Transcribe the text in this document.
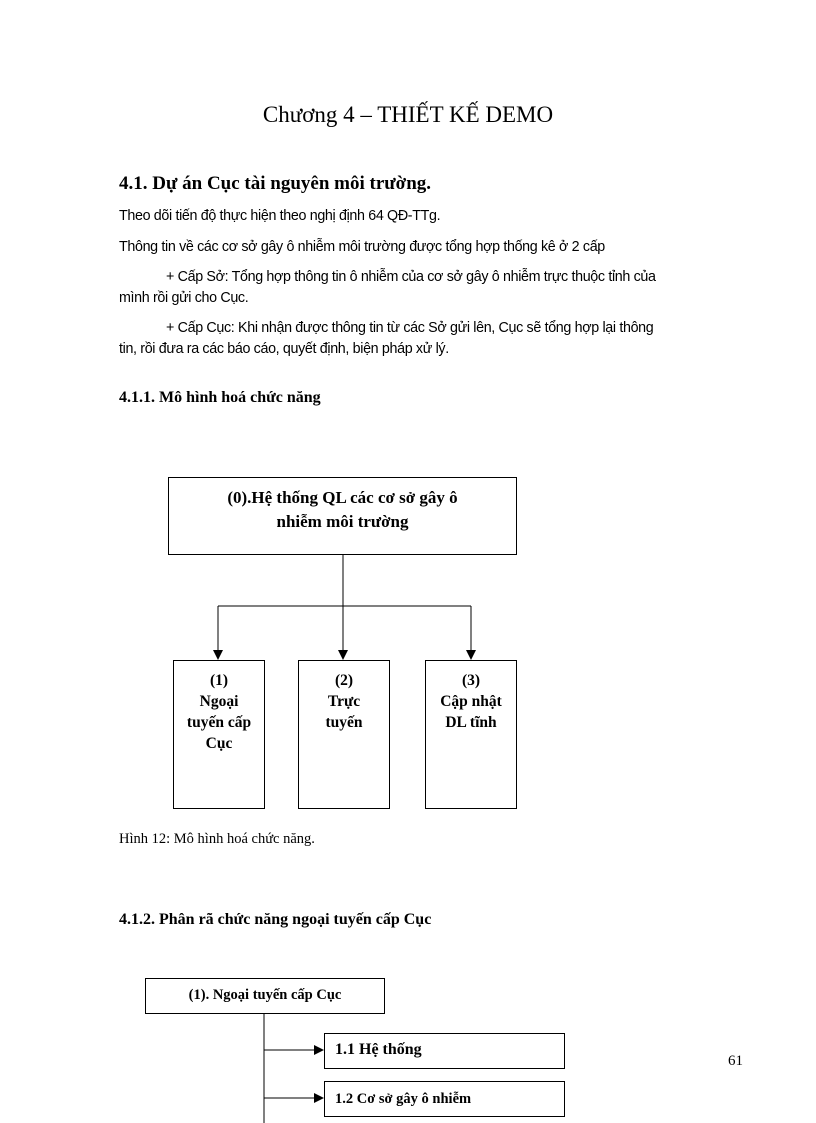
Chương 4 – THIẾT KẾ DEMO
4.1. Dự án Cục tài nguyên môi trường.
Theo dõi tiến độ thực hiện theo nghị định 64 QĐ-TTg.
Thông tin về các cơ sở gây ô nhiễm môi trường được tổng hợp thống kê ở 2 cấp
+ Cấp Sở: Tổng hợp thông tin ô nhiễm của cơ sở gây ô nhiễm trực thuộc tỉnh của
mình rồi gửi cho Cục.
+ Cấp Cục: Khi nhận được thông tin từ các Sở gửi lên, Cục sẽ tổng hợp lại thông
tin, rồi đưa ra các báo cáo, quyết định, biện pháp xử lý.
4.1.1. Mô hình hoá chức năng
(0).Hệ thống QL các cơ sở gây ô
nhiễm môi trường
(1)
Ngoại
tuyến cấp
Cục
(2)
Trực
tuyến
(3)
Cập nhật
DL tĩnh
Hình 12: Mô hình hoá chức năng.
4.1.2. Phân rã chức năng ngoại tuyến cấp Cục
(1). Ngoại tuyến cấp Cục
1.1 Hệ thống
1.2 Cơ sở gây ô nhiễm
61
